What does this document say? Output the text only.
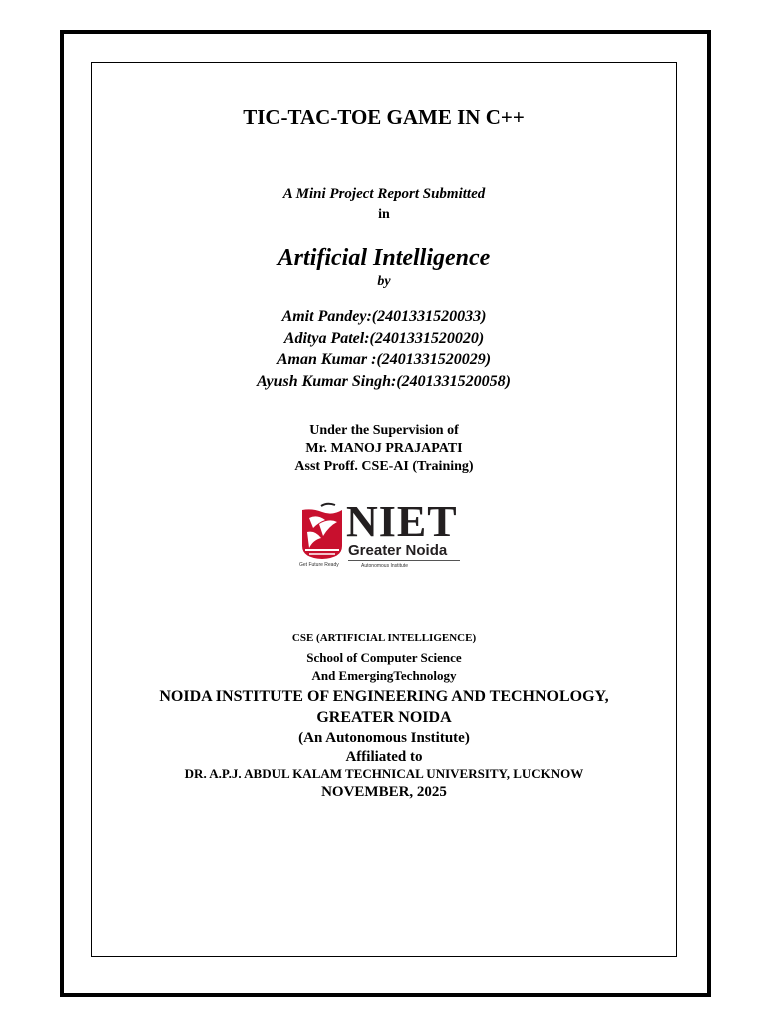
TIC-TAC-TOE GAME IN C++
A Mini Project Report Submitted
in
Artificial Intelligence
by
Amit Pandey:(2401331520033)
Aditya Patel:(2401331520020)
Aman Kumar :(2401331520029)
Ayush Kumar Singh:(2401331520058)
Under the Supervision of
Mr. MANOJ PRAJAPATI
Asst Proff. CSE-AI (Training)
NIET
Greater Noida
Get Future Ready	Autonomous Institute
CSE (ARTIFICIAL INTELLIGENCE)
School of Computer Science
And EmergingTechnology
NOIDA INSTITUTE OF ENGINEERING AND TECHNOLOGY,
GREATER NOIDA
(An Autonomous Institute)
Affiliated to
DR. A.P.J. ABDUL KALAM TECHNICAL UNIVERSITY, LUCKNOW
NOVEMBER, 2025
